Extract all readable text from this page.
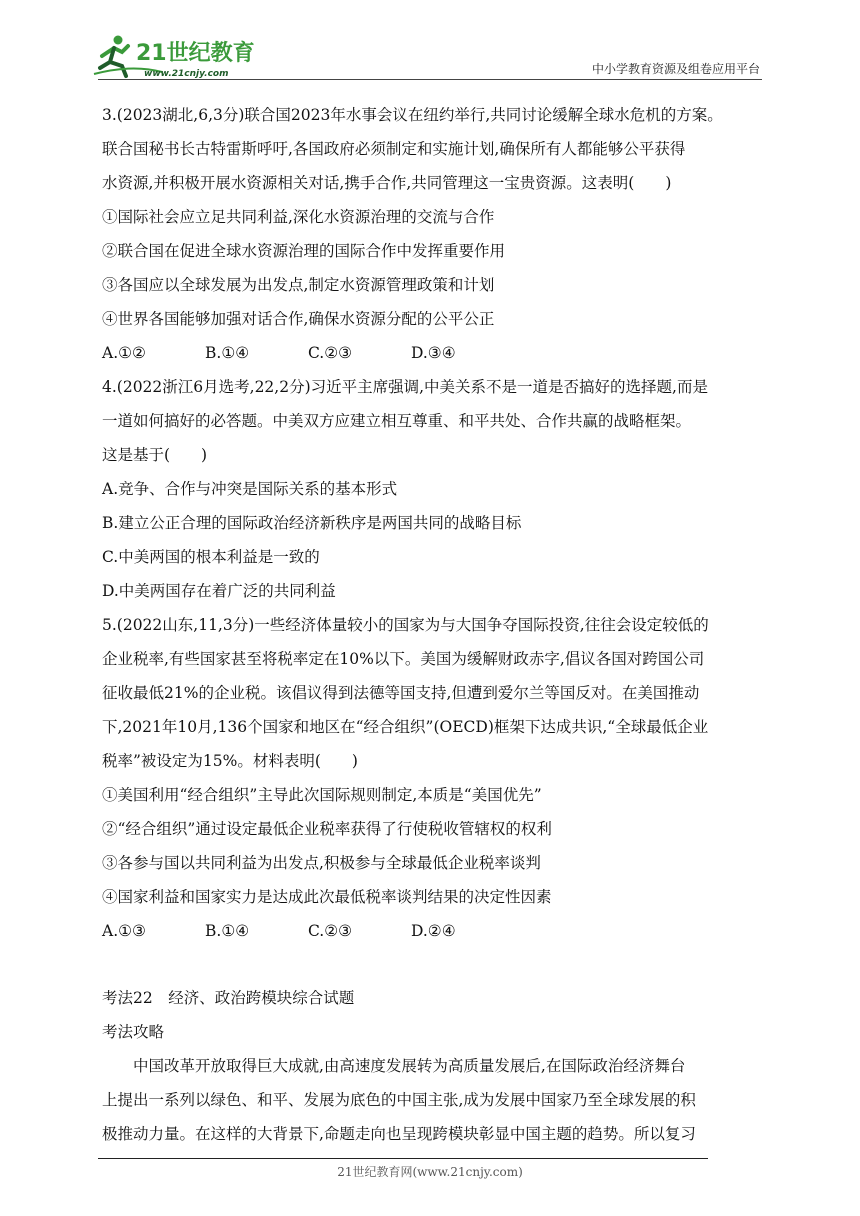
21世纪教育
www.21cnjy.com	中小学教育资源及组卷应用平台

3.(2023湖北,6,3分)联合国2023年水事会议在纽约举行,共同讨论缓解全球水危机的方案。

联合国秘书长古特雷斯呼吁,各国政府必须制定和实施计划,确保所有人都能够公平获得

水资源,并积极开展水资源相关对话,携手合作,共同管理这一宝贵资源。这表明(　　)

①国际社会应立足共同利益,深化水资源治理的交流与合作

②联合国在促进全球水资源治理的国际合作中发挥重要作用

③各国应以全球发展为出发点,制定水资源管理政策和计划

④世界各国能够加强对话合作,确保水资源分配的公平公正

A.①②	B.①④	C.②③	D.③④

4.(2022浙江6月选考,22,2分)习近平主席强调,中美关系不是一道是否搞好的选择题,而是

一道如何搞好的必答题。中美双方应建立相互尊重、和平共处、合作共赢的战略框架。

这是基于(　　)

A.竞争、合作与冲突是国际关系的基本形式

B.建立公正合理的国际政治经济新秩序是两国共同的战略目标

C.中美两国的根本利益是一致的

D.中美两国存在着广泛的共同利益

5.(2022山东,11,3分)一些经济体量较小的国家为与大国争夺国际投资,往往会设定较低的

企业税率,有些国家甚至将税率定在10%以下。美国为缓解财政赤字,倡议各国对跨国公司

征收最低21%的企业税。该倡议得到法德等国支持,但遭到爱尔兰等国反对。在美国推动

下,2021年10月,136个国家和地区在“经合组织”(OECD)框架下达成共识,“全球最低企业

税率”被设定为15%。材料表明(　　)

①美国利用“经合组织”主导此次国际规则制定,本质是“美国优先”

②“经合组织”通过设定最低企业税率获得了行使税收管辖权的权利

③各参与国以共同利益为出发点,积极参与全球最低企业税率谈判

④国家利益和国家实力是达成此次最低税率谈判结果的决定性因素

A.①③	B.①④	C.②③	D.②④

考法22　经济、政治跨模块综合试题

考法攻略

中国改革开放取得巨大成就,由高速度发展转为高质量发展后,在国际政治经济舞台

上提出一系列以绿色、和平、发展为底色的中国主张,成为发展中国家乃至全球发展的积

极推动力量。在这样的大背景下,命题走向也呈现跨模块彰显中国主题的趋势。所以复习

21世纪教育网(www.21cnjy.com)
